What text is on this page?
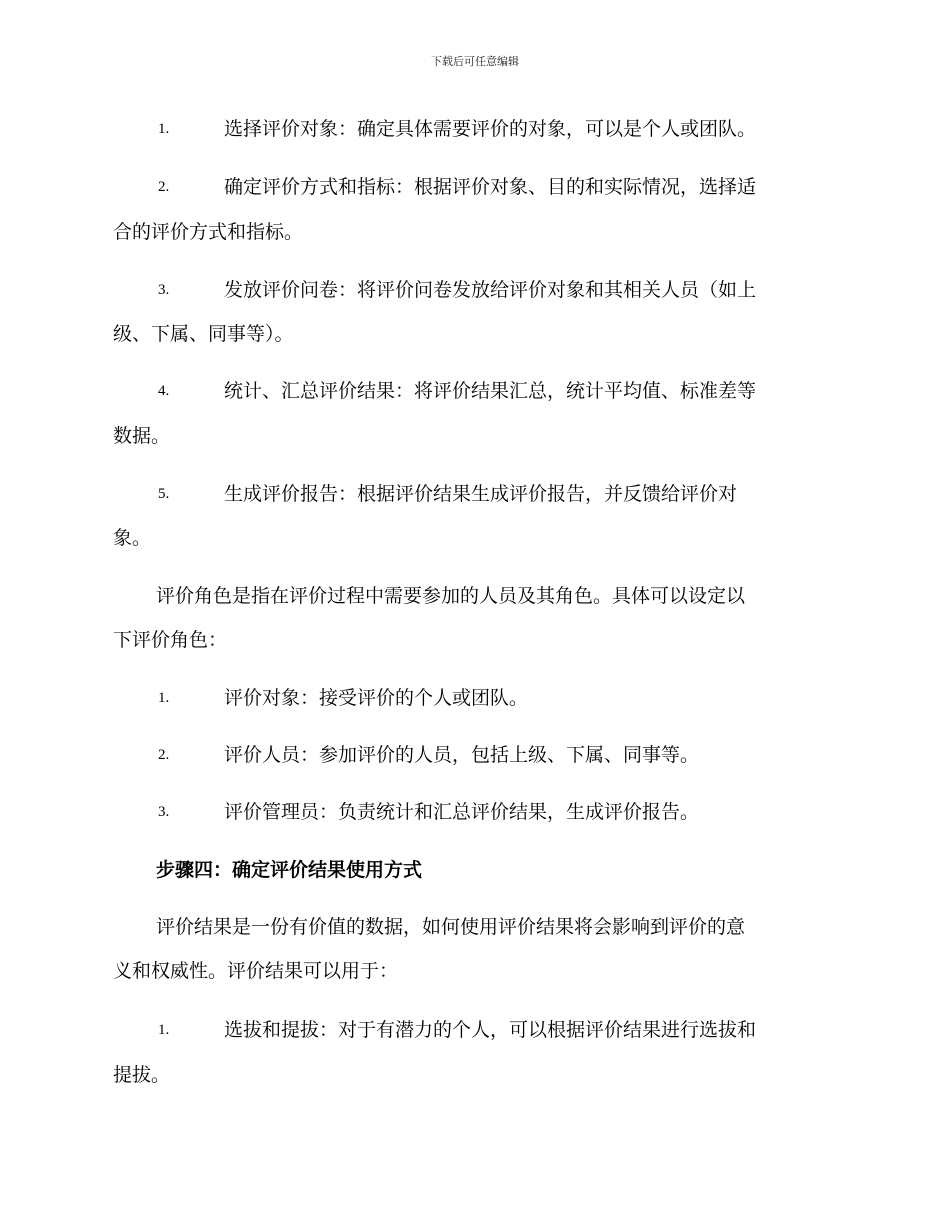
下载后可任意编辑
1.	选择评价对象：确定具体需要评价的对象，可以是个人或团队。
2.	确定评价方式和指标：根据评价对象、目的和实际情况，选择适
合的评价方式和指标。
3.	发放评价问卷：将评价问卷发放给评价对象和其相关人员（如上
级、下属、同事等）。
4.	统计、汇总评价结果：将评价结果汇总，统计平均值、标准差等
数据。
5.	生成评价报告：根据评价结果生成评价报告，并反馈给评价对
象。
评价角色是指在评价过程中需要参加的人员及其角色。具体可以设定以
下评价角色：
1.	评价对象：接受评价的个人或团队。
2.	评价人员：参加评价的人员，包括上级、下属、同事等。
3.	评价管理员：负责统计和汇总评价结果，生成评价报告。
步骤四：确定评价结果使用方式
评价结果是一份有价值的数据，如何使用评价结果将会影响到评价的意
义和权威性。评价结果可以用于：
1.	选拔和提拔：对于有潜力的个人，可以根据评价结果进行选拔和
提拔。
